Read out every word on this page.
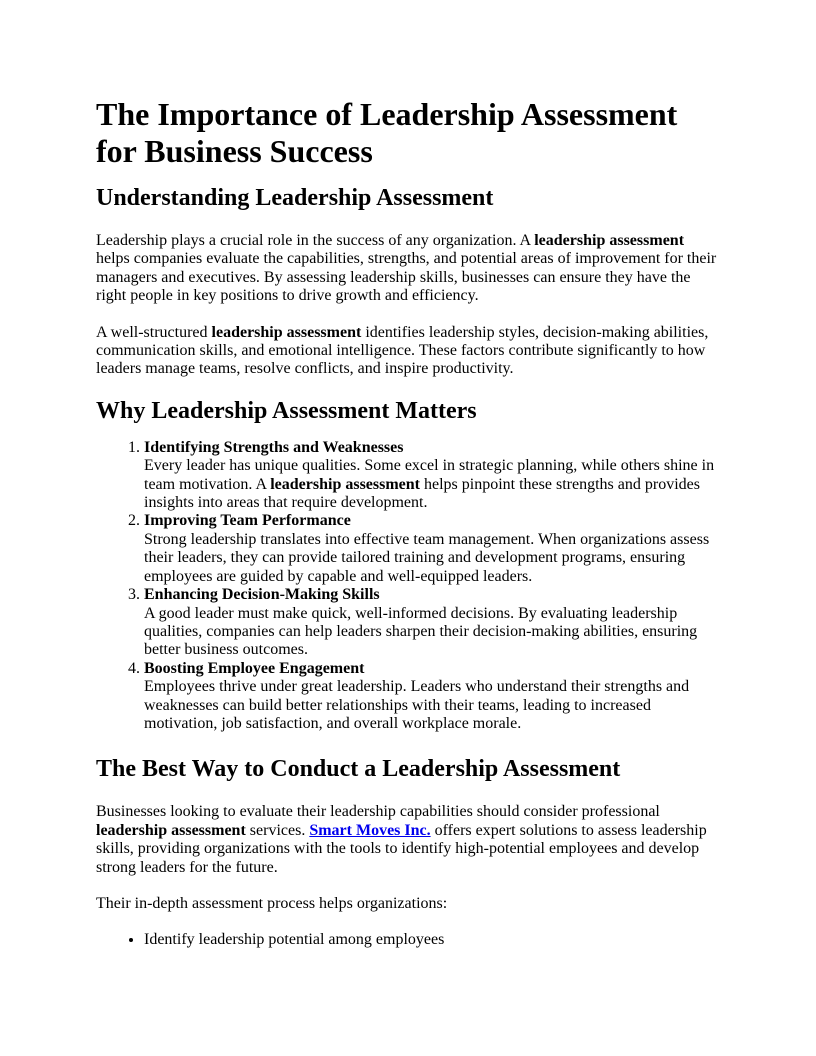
The Importance of Leadership Assessment for Business Success
Understanding Leadership Assessment

Leadership plays a crucial role in the success of any organization. A leadership assessment helps companies evaluate the capabilities, strengths, and potential areas of improvement for their managers and executives. By assessing leadership skills, businesses can ensure they have the right people in key positions to drive growth and efficiency.

A well-structured leadership assessment identifies leadership styles, decision-making abilities, communication skills, and emotional intelligence. These factors contribute significantly to how leaders manage teams, resolve conflicts, and inspire productivity.

Why Leadership Assessment Matters
1. Identifying Strengths and Weaknesses
Every leader has unique qualities. Some excel in strategic planning, while others shine in team motivation. A leadership assessment helps pinpoint these strengths and provides insights into areas that require development.
2. Improving Team Performance
Strong leadership translates into effective team management. When organizations assess their leaders, they can provide tailored training and development programs, ensuring employees are guided by capable and well-equipped leaders.
3. Enhancing Decision-Making Skills
A good leader must make quick, well-informed decisions. By evaluating leadership qualities, companies can help leaders sharpen their decision-making abilities, ensuring better business outcomes.
4. Boosting Employee Engagement
Employees thrive under great leadership. Leaders who understand their strengths and weaknesses can build better relationships with their teams, leading to increased motivation, job satisfaction, and overall workplace morale.
The Best Way to Conduct a Leadership Assessment

Businesses looking to evaluate their leadership capabilities should consider professional leadership assessment services. Smart Moves Inc. offers expert solutions to assess leadership skills, providing organizations with the tools to identify high-potential employees and develop strong leaders for the future.

Their in-depth assessment process helps organizations:

• Identify leadership potential among employees
